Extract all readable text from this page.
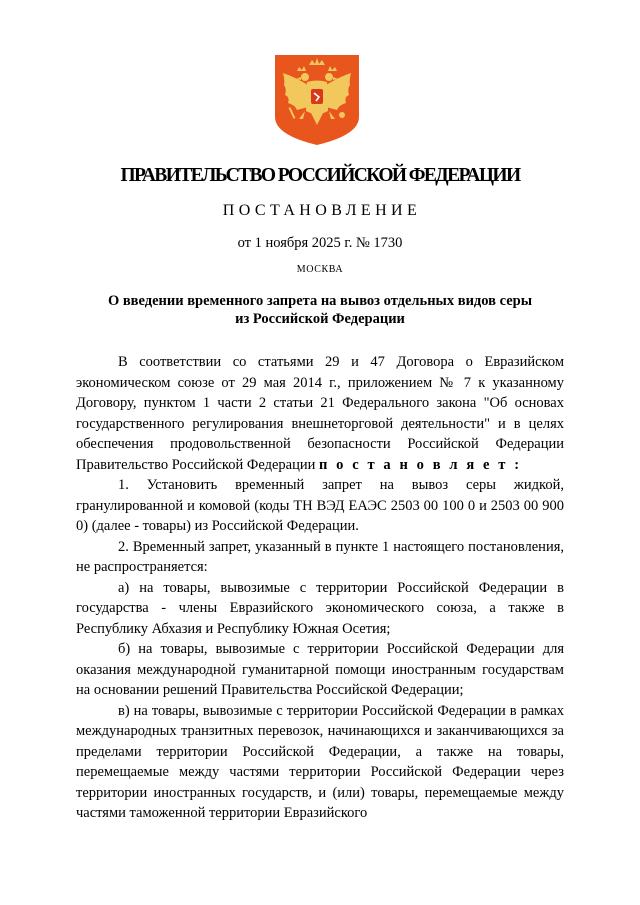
ПРАВИТЕЛЬСТВО РОССИЙСКОЙ ФЕДЕРАЦИИ
ПОСТАНОВЛЕНИЕ
от 1 ноября 2025 г. № 1730
МОСКВА
О введении временного запрета на вывоз отдельных видов серы
из Российской Федерации

В соответствии со статьями 29 и 47 Договора о Евразийском экономическом союзе от 29 мая 2014 г., приложением № 7 к указанному Договору, пунктом 1 части 2 статьи 21 Федерального закона "Об основах государственного регулирования внешнеторговой деятельности" и в целях обеспечения продовольственной безопасности Российской Федерации Правительство Российской Федерации п о с т а н о в л я е т :

1. Установить временный запрет на вывоз серы жидкой, гранулированной и комовой (коды ТН ВЭД ЕАЭС 2503 00 100 0 и 2503 00 900 0) (далее - товары) из Российской Федерации.

2. Временный запрет, указанный в пункте 1 настоящего постановления, не распространяется:

а) на товары, вывозимые с территории Российской Федерации в государства - члены Евразийского экономического союза, а также в Республику Абхазия и Республику Южная Осетия;

б) на товары, вывозимые с территории Российской Федерации для оказания международной гуманитарной помощи иностранным государствам на основании решений Правительства Российской Федерации;

в) на товары, вывозимые с территории Российской Федерации в рамках международных транзитных перевозок, начинающихся и заканчивающихся за пределами территории Российской Федерации, а также на товары, перемещаемые между частями территории Российской Федерации через территории иностранных государств, и (или) товары, перемещаемые между частями таможенной территории Евразийского
